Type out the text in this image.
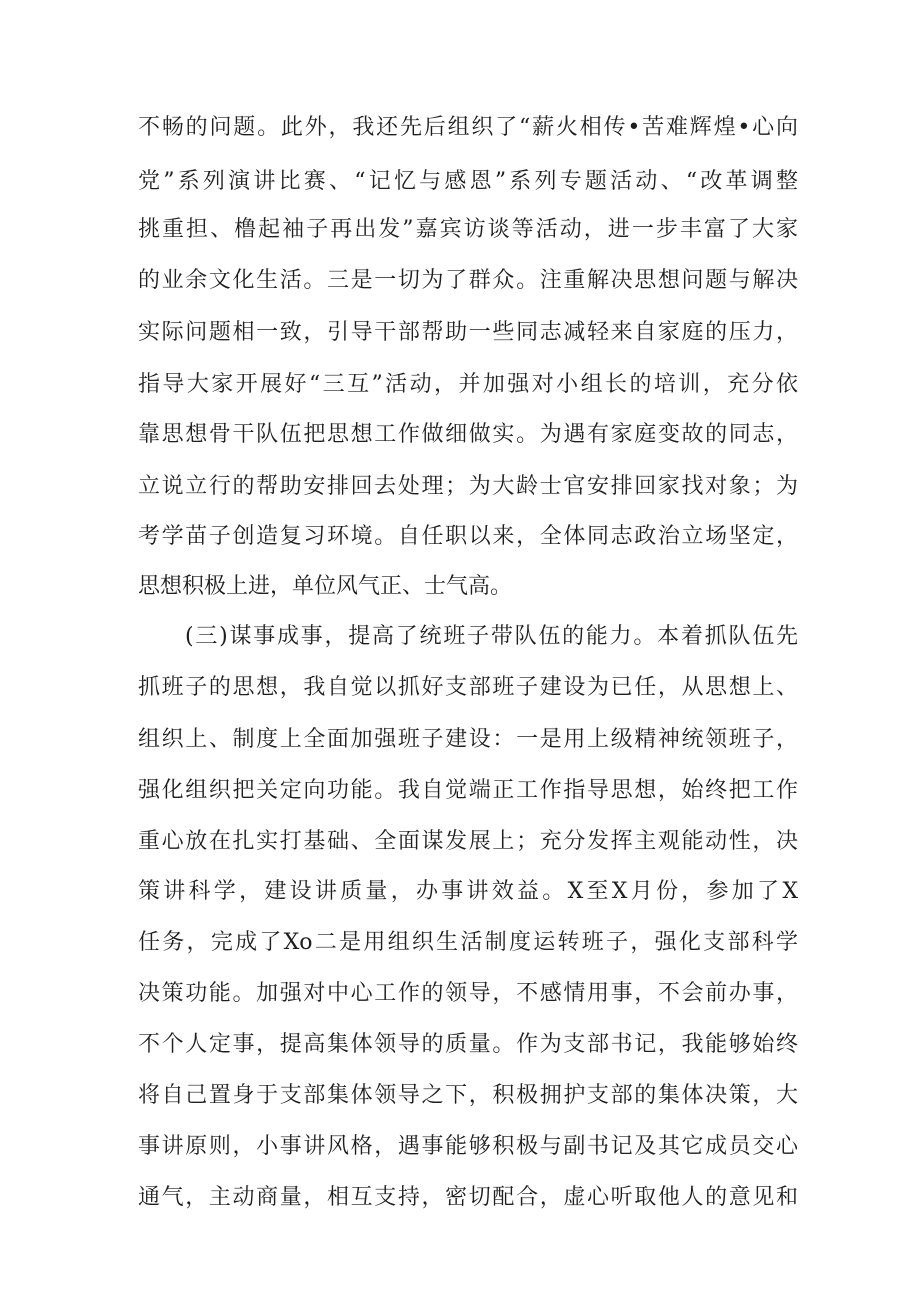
不畅的问题。此外，我还先后组织了“薪火相传•苦难辉煌•心向
党”系列演讲比赛、“记忆与感恩”系列专题活动、“改革调整
挑重担、橹起袖子再出发”嘉宾访谈等活动，进一步丰富了大家
的业余文化生活。三是一切为了群众。注重解决思想问题与解决
实际问题相一致，引导干部帮助一些同志减轻来自家庭的压力，
指导大家开展好“三互”活动，并加强对小组长的培训，充分依
靠思想骨干队伍把思想工作做细做实。为遇有家庭变故的同志，
立说立行的帮助安排回去处理；为大龄士官安排回家找对象；为
考学苗子创造复习环境。自任职以来，全体同志政治立场坚定，
思想积极上进，单位风气正、士气高。
(三)谋事成事，提高了统班子带队伍的能力。本着抓队伍先
抓班子的思想，我自觉以抓好支部班子建设为已任，从思想上、
组织上、制度上全面加强班子建设：一是用上级精神统领班子，
强化组织把关定向功能。我自觉端正工作指导思想，始终把工作
重心放在扎实打基础、全面谋发展上；充分发挥主观能动性，决
策讲科学，建设讲质量，办事讲效益。X至X月份，参加了X
任务，完成了Xo二是用组织生活制度运转班子，强化支部科学
决策功能。加强对中心工作的领导，不感情用事，不会前办事，
不个人定事，提高集体领导的质量。作为支部书记，我能够始终
将自己置身于支部集体领导之下，积极拥护支部的集体决策，大
事讲原则，小事讲风格，遇事能够积极与副书记及其它成员交心
通气，主动商量，相互支持，密切配合，虚心听取他人的意见和
